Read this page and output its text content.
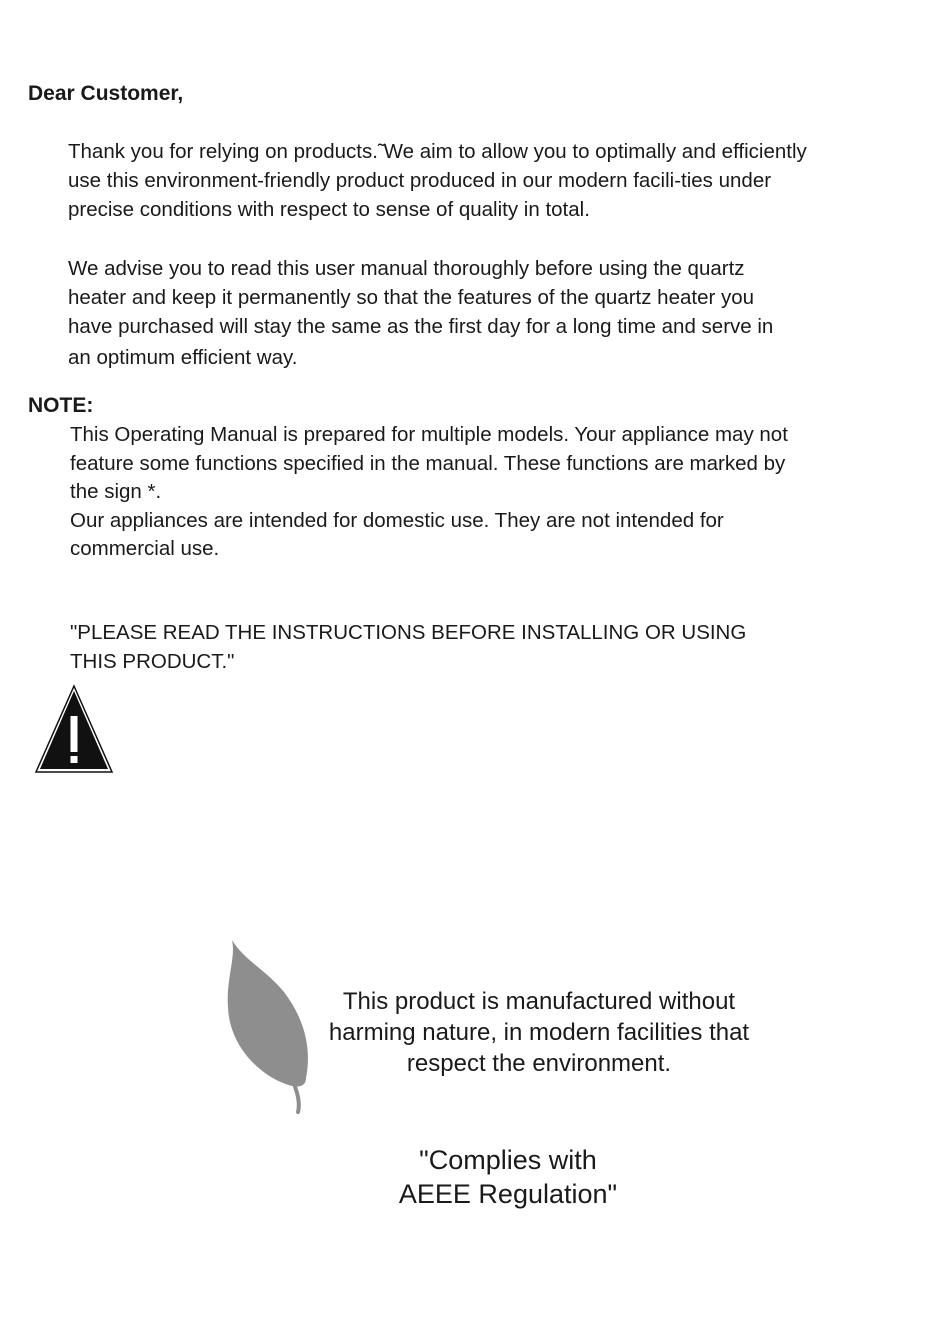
Dear Customer,

Thank you for relying on products.̃ We aim to allow you to optimally and efficiently
use this environment-friendly product produced in our modern facili-ties under
precise conditions with respect to sense of quality in total.

We advise you to read this user manual thoroughly before using the quartz
heater and keep it permanently so that the features of the quartz heater you
have purchased will stay the same as the first day for a long time and serve in
an optimum efficient way.

NOTE:

This Operating Manual is prepared for multiple models. Your appliance may not
feature some functions specified in the manual. These functions are marked by
the sign *.
Our appliances are intended for domestic use. They are not intended for
commercial use.

"PLEASE READ THE INSTRUCTIONS BEFORE INSTALLING OR USING
THIS PRODUCT."

This product is manufactured without
harming nature, in modern facilities that
respect the environment.

"Complies with
AEEE Regulation"
